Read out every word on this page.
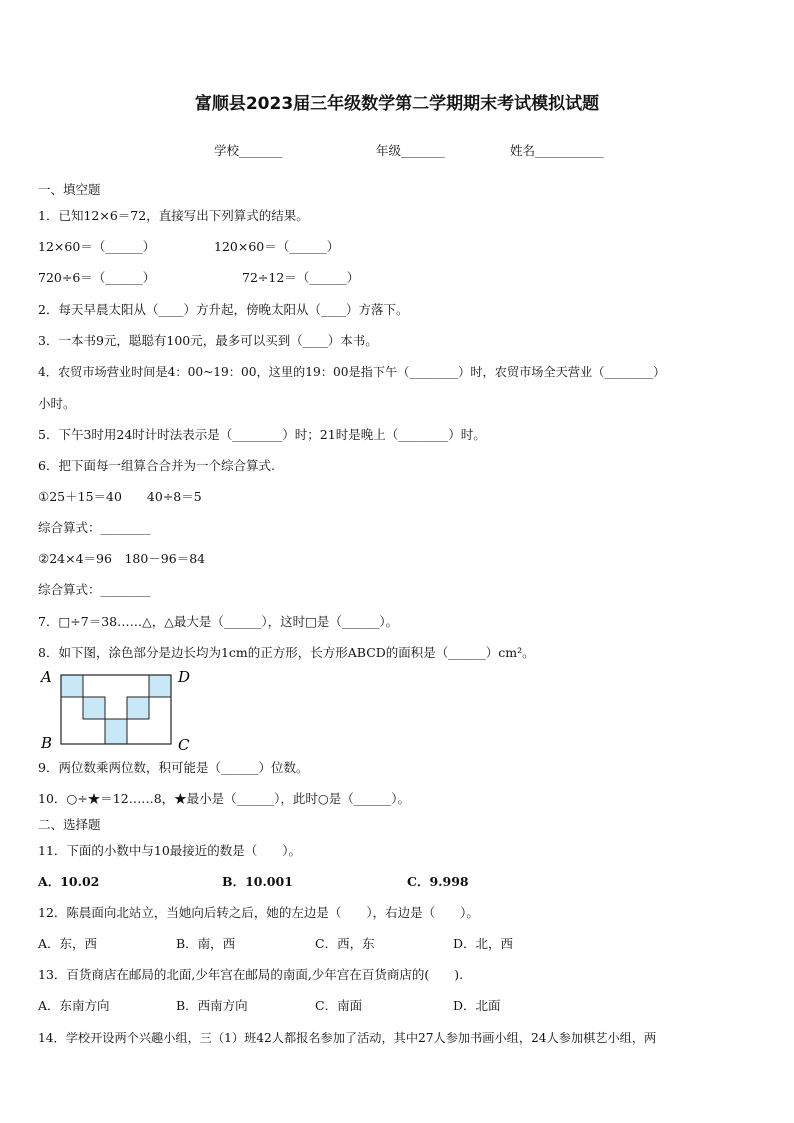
富顺县2023届三年级数学第二学期期末考试模拟试题
学校_______	年级_______	姓名___________
一、填空题
1．已知12×6＝72，直接写出下列算式的结果。
12×60＝（______）	120×60＝（______）
720÷6＝（______）	72÷12＝（______）
2．每天早晨太阳从（____）方升起，傍晚太阳从（____）方落下。
3．一本书9元，聪聪有100元，最多可以买到（____）本书。
4．农贸市场营业时间是4：00~19：00，这里的19：00是指下午（________）时，农贸市场全天营业（________）
小时。
5．下午3时用24时计时法表示是（________）时；21时是晚上（________）时。
6．把下面每一组算合合并为一个综合算式.
①25＋15＝40　　40÷8＝5
综合算式：________
②24×4＝96　180－96＝84
综合算式：________
7．□÷7＝38……△，△最大是（______），这时□是（______）。
8．如下图，涂色部分是边长均为1cm的正方形，长方形ABCD的面积是（______）cm²。
A	D
B	C
9．两位数乘两位数，积可能是（______）位数。
10．○÷★＝12……8，★最小是（______），此时○是（______）。
二、选择题
11．下面的小数中与10最接近的数是（　　）。
A．10.02	B．10.001	C．9.998
12．陈晨面向北站立，当她向后转之后，她的左边是（　　），右边是（　　）。
A．东，西	B．南，西	C．西，东	D．北，西
13．百货商店在邮局的北面,少年宫在邮局的南面,少年宫在百货商店的(　　).
A．东南方向	B．西南方向	C．南面	D．北面
14．学校开设两个兴趣小组，三（1）班42人都报名参加了活动，其中27人参加书画小组，24人参加棋艺小组，两
